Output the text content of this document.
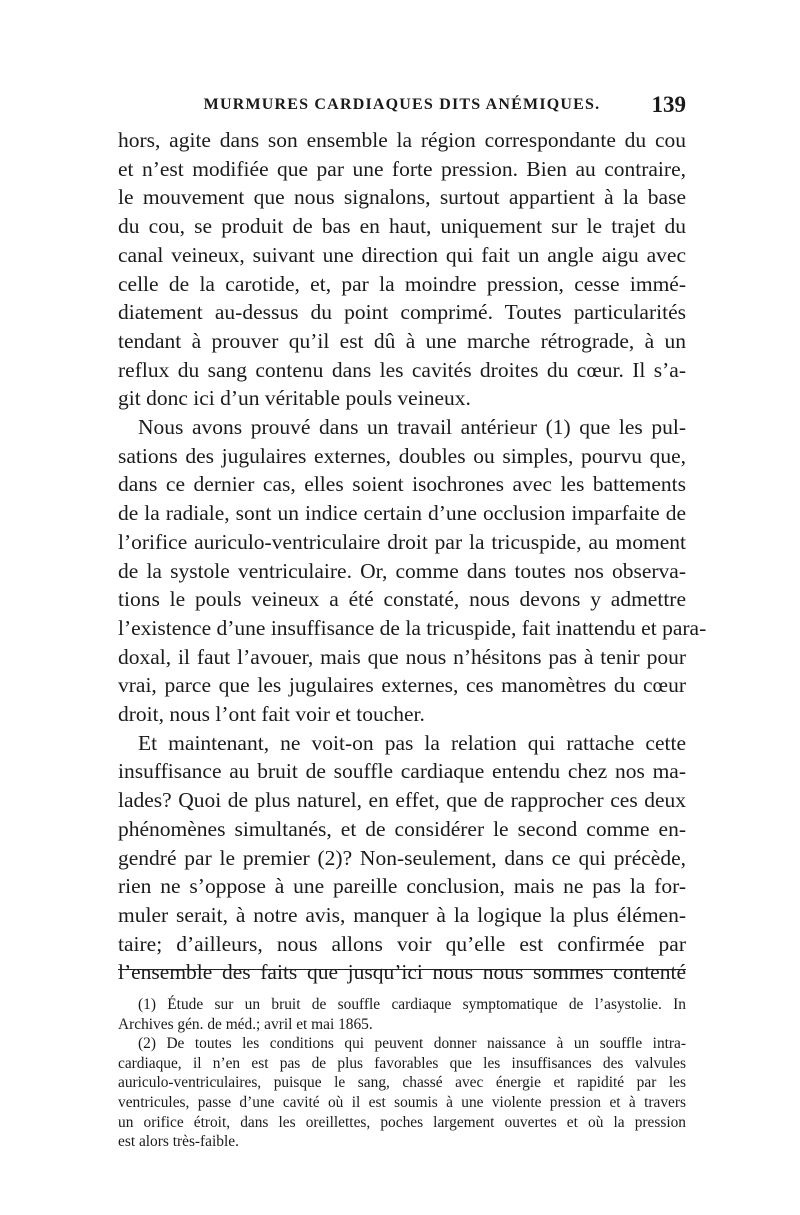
MURMURES CARDIAQUES DITS ANÉMIQUES.	139
hors, agite dans son ensemble la région correspondante du cou
et n’est modifiée que par une forte pression. Bien au contraire,
le mouvement que nous signalons, surtout appartient à la base
du cou, se produit de bas en haut, uniquement sur le trajet du
canal veineux, suivant une direction qui fait un angle aigu avec
celle de la carotide, et, par la moindre pression, cesse immé-
diatement au-dessus du point comprimé. Toutes particularités
tendant à prouver qu’il est dû à une marche rétrograde, à un
reflux du sang contenu dans les cavités droites du cœur. Il s’a-
git donc ici d’un véritable pouls veineux.
Nous avons prouvé dans un travail antérieur (1) que les pul-
sations des jugulaires externes, doubles ou simples, pourvu que,
dans ce dernier cas, elles soient isochrones avec les battements
de la radiale, sont un indice certain d’une occlusion imparfaite de
l’orifice auriculo-ventriculaire droit par la tricuspide, au moment
de la systole ventriculaire. Or, comme dans toutes nos observa-
tions le pouls veineux a été constaté, nous devons y admettre
l’existence d’une insuffisance de la tricuspide, fait inattendu et para-
doxal, il faut l’avouer, mais que nous n’hésitons pas à tenir pour
vrai, parce que les jugulaires externes, ces manomètres du cœur
droit, nous l’ont fait voir et toucher.
Et maintenant, ne voit-on pas la relation qui rattache cette
insuffisance au bruit de souffle cardiaque entendu chez nos ma-
lades? Quoi de plus naturel, en effet, que de rapprocher ces deux
phénomènes simultanés, et de considérer le second comme en-
gendré par le premier (2)? Non-seulement, dans ce qui précède,
rien ne s’oppose à une pareille conclusion, mais ne pas la for-
muler serait, à notre avis, manquer à la logique la plus élémen-
taire; d’ailleurs, nous allons voir qu’elle est confirmée par
l’ensemble des faits que jusqu’ici nous nous sommes contenté
(1) Étude sur un bruit de souffle cardiaque symptomatique de l’asystolie. In
Archives gén. de méd.; avril et mai 1865.
(2) De toutes les conditions qui peuvent donner naissance à un souffle intra-
cardiaque, il n’en est pas de plus favorables que les insuffisances des valvules
auriculo-ventriculaires, puisque le sang, chassé avec énergie et rapidité par les
ventricules, passe d’une cavité où il est soumis à une violente pression et à travers
un orifice étroit, dans les oreillettes, poches largement ouvertes et où la pression
est alors très-faible.
